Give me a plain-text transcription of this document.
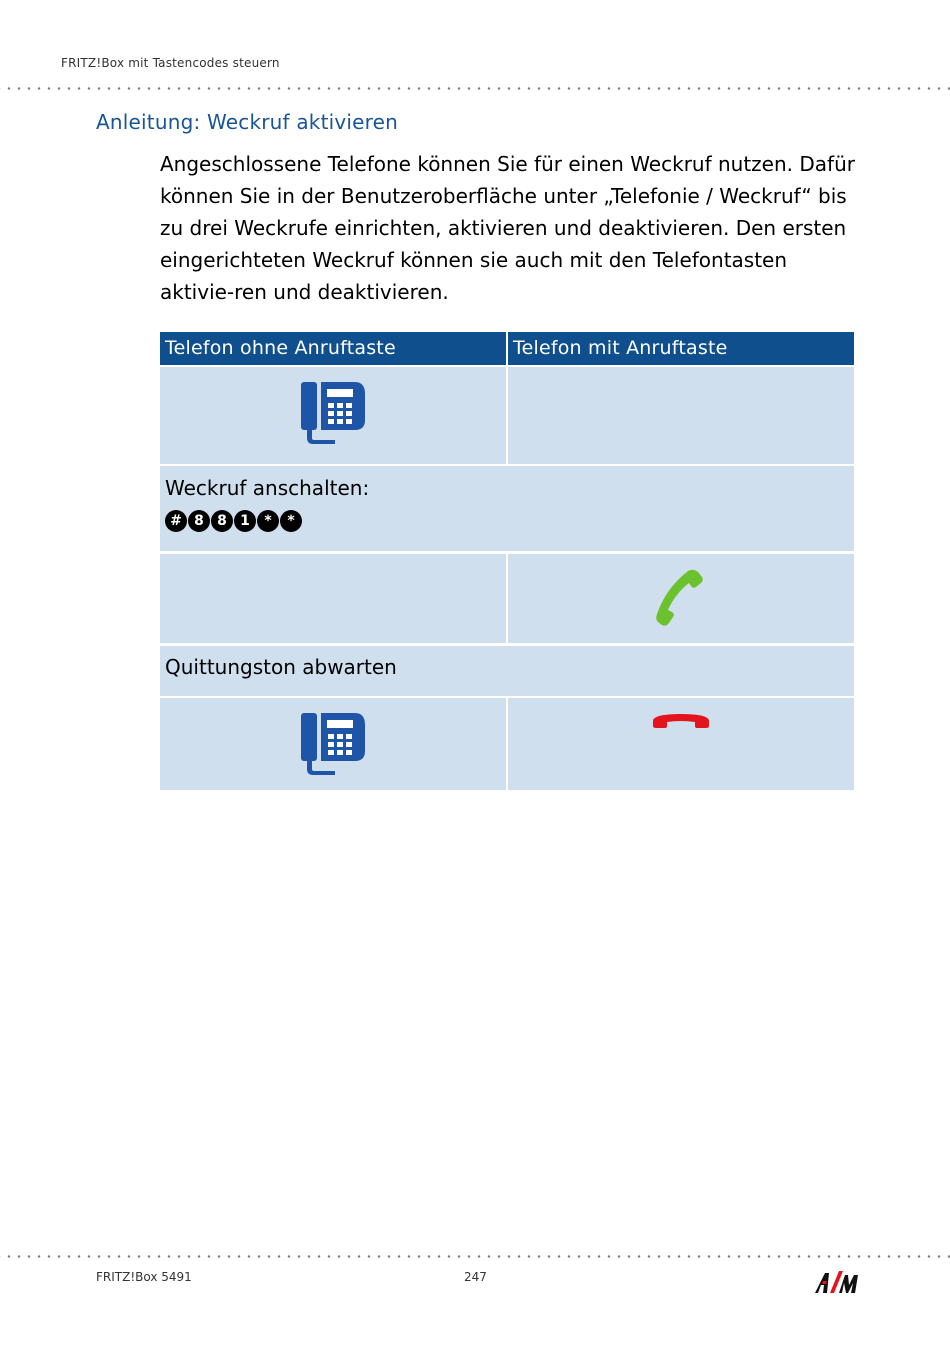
FRITZ!Box mit Tastencodes steuern
Anleitung: Weckruf aktivieren

Angeschlossene Telefone können Sie für einen Weckruf nutzen. Dafür können Sie in der Benutzeroberfläche unter „Telefonie / Weckruf“ bis zu drei Weckrufe einrichten, aktivieren und deaktivieren. Den ersten eingerichteten Weckruf können sie auch mit den Telefontasten aktivie-ren und deaktivieren.

Telefon ohne Anruftaste	Telefon mit Anruftaste
Weckruf anschalten:
# 8 8 1	*	*
Quittungston abwarten
FRITZ!Box 5491	247
